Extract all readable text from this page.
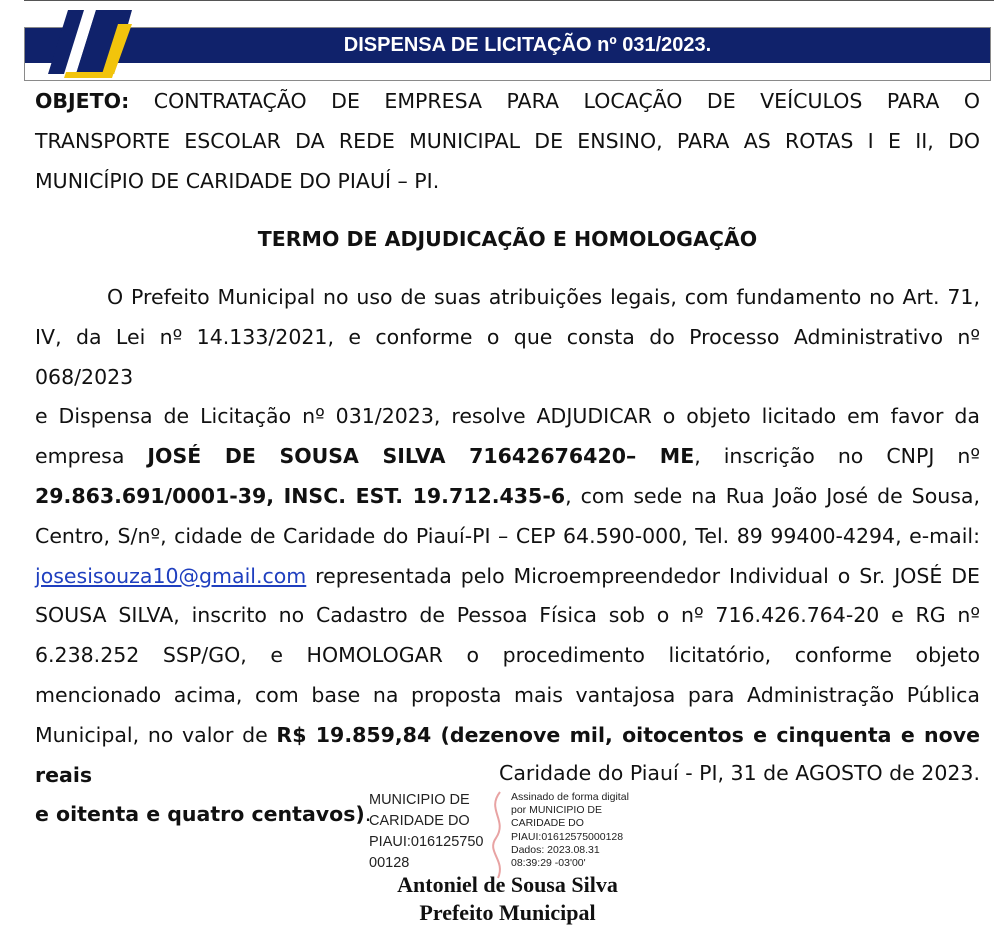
DISPENSA DE LICITAÇÃO nº 031/2023.
OBJETO: CONTRATAÇÃO DE EMPRESA PARA LOCAÇÃO DE VEÍCULOS PARA O
TRANSPORTE ESCOLAR DA REDE MUNICIPAL DE ENSINO, PARA AS ROTAS I E II, DO
MUNICÍPIO DE CARIDADE DO PIAUÍ – PI.
TERMO DE ADJUDICAÇÃO E HOMOLOGAÇÃO
O Prefeito Municipal no uso de suas atribuições legais, com fundamento no Art. 71,
IV, da Lei nº 14.133/2021, e conforme o que consta do Processo Administrativo nº 068/2023
e Dispensa de Licitação nº 031/2023, resolve ADJUDICAR o objeto licitado em favor da
empresa JOSÉ DE SOUSA SILVA 71642676420– ME, inscrição no CNPJ nº
29.863.691/0001-39, INSC. EST. 19.712.435-6, com sede na Rua João José de Sousa,
Centro, S/nº, cidade de Caridade do Piauí-PI – CEP 64.590-000, Tel. 89 99400-4294, e-mail:
josesisouza10@gmail.com representada pelo Microempreendedor Individual o Sr. JOSÉ DE
SOUSA SILVA, inscrito no Cadastro de Pessoa Física sob o nº 716.426.764-20 e RG nº
6.238.252 SSP/GO, e HOMOLOGAR o procedimento licitatório, conforme objeto
mencionado acima, com base na proposta mais vantajosa para Administração Pública
Municipal, no valor de R$ 19.859,84 (dezenove mil, oitocentos e cinquenta e nove reais
e oitenta e quatro centavos).
Caridade do Piauí - PI, 31 de AGOSTO de 2023.
MUNICIPIO DE
CARIDADE DO
PIAUI:016125750
00128
Assinado de forma digital
por MUNICIPIO DE
CARIDADE DO
PIAUI:01612575000128
Dados: 2023.08.31
08:39:29 -03'00'
Antoniel de Sousa Silva
Prefeito Municipal
